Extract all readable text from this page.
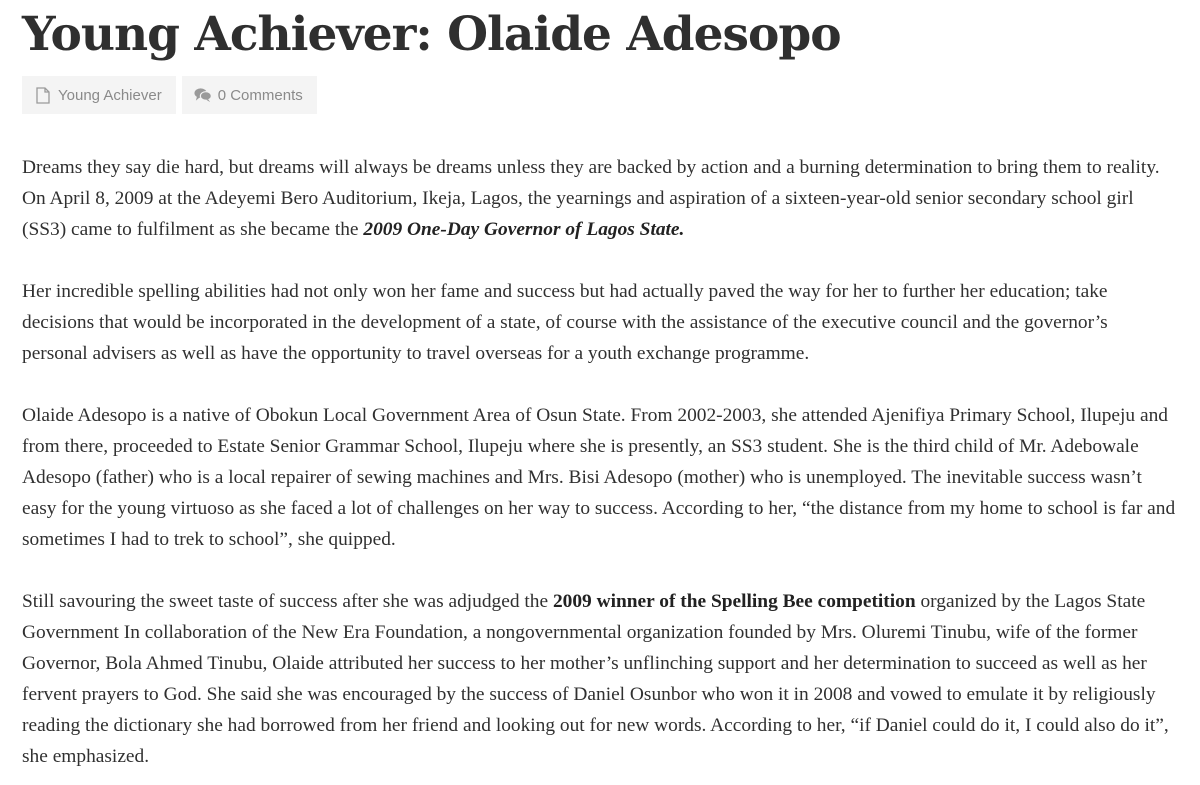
Young Achiever: Olaide Adesopo
Young Achiever	0 Comments

Dreams they say die hard, but dreams will always be dreams unless they are backed by action and a burning determination to bring them to reality. On April 8, 2009 at the Adeyemi Bero Auditorium, Ikeja, Lagos, the yearnings and aspiration of a sixteen-year-old senior secondary school girl (SS3) came to fulfilment as she became the 2009 One-Day Governor of Lagos State.

Her incredible spelling abilities had not only won her fame and success but had actually paved the way for her to further her education; take decisions that would be incorporated in the development of a state, of course with the assistance of the executive council and the governor’s personal advisers as well as have the opportunity to travel overseas for a youth exchange programme.

Olaide Adesopo is a native of Obokun Local Government Area of Osun State. From 2002-2003, she attended Ajenifiya Primary School, Ilupeju and from there, proceeded to Estate Senior Grammar School, Ilupeju where she is presently, an SS3 student. She is the third child of Mr. Adebowale Adesopo (father) who is a local repairer of sewing machines and Mrs. Bisi Adesopo (mother) who is unemployed. The inevitable success wasn’t easy for the young virtuoso as she faced a lot of challenges on her way to success. According to her, “the distance from my home to school is far and sometimes I had to trek to school”, she quipped.

Still savouring the sweet taste of success after she was adjudged the 2009 winner of the Spelling Bee competition organized by the Lagos State Government In collaboration of the New Era Foundation, a nongovernmental organization founded by Mrs. Oluremi Tinubu, wife of the former Governor, Bola Ahmed Tinubu, Olaide attributed her success to her mother’s unflinching support and her determination to succeed as well as her fervent prayers to God. She said she was encouraged by the success of Daniel Osunbor who won it in 2008 and vowed to emulate it by religiously reading the dictionary she had borrowed from her friend and looking out for new words. According to her, “if Daniel could do it, I could also do it”, she emphasized.
